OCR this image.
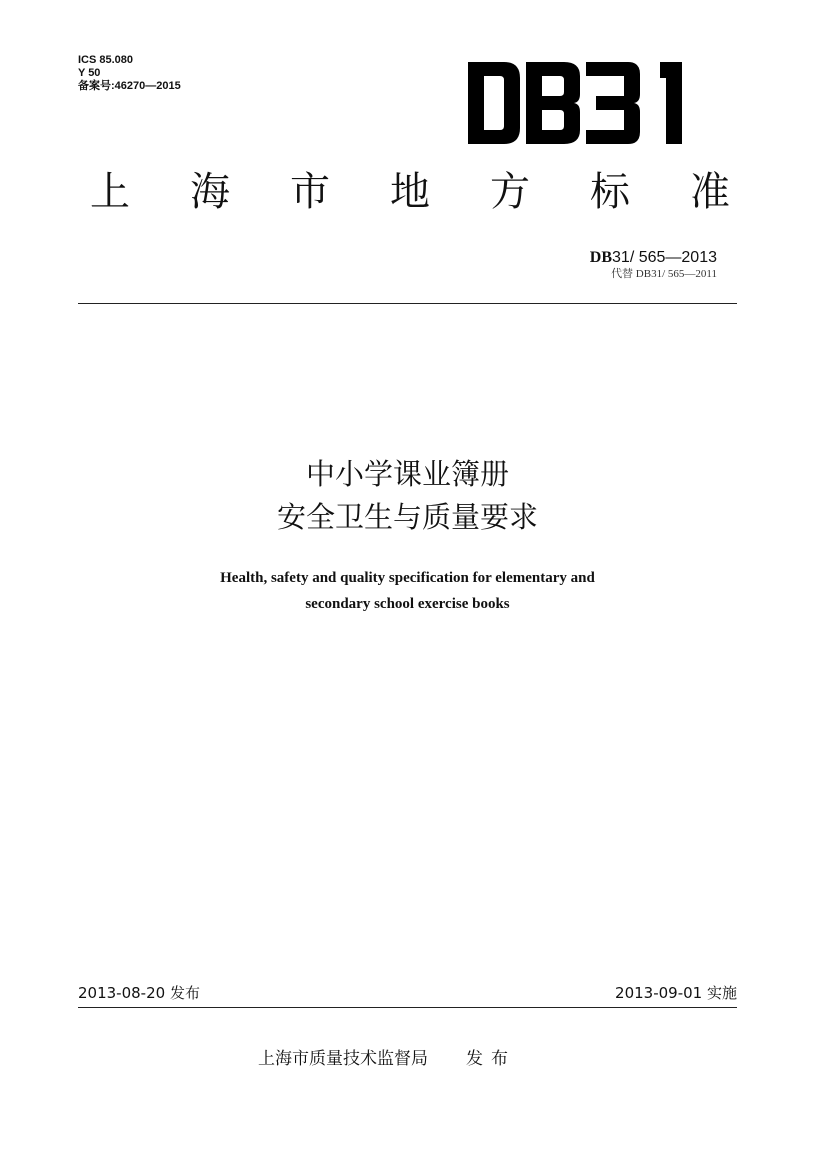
ICS 85.080
Y 50
备案号:46270—2015
上 海 市 地 方 标 准
DB31/ 565—2013
代替 DB31/ 565—2011
中小学课业簿册
安全卫生与质量要求
Health, safety and quality specification for elementary and
secondary school exercise books
2013-08-20 发布	2013-09-01 实施
上海市质量技术监督局 发布
